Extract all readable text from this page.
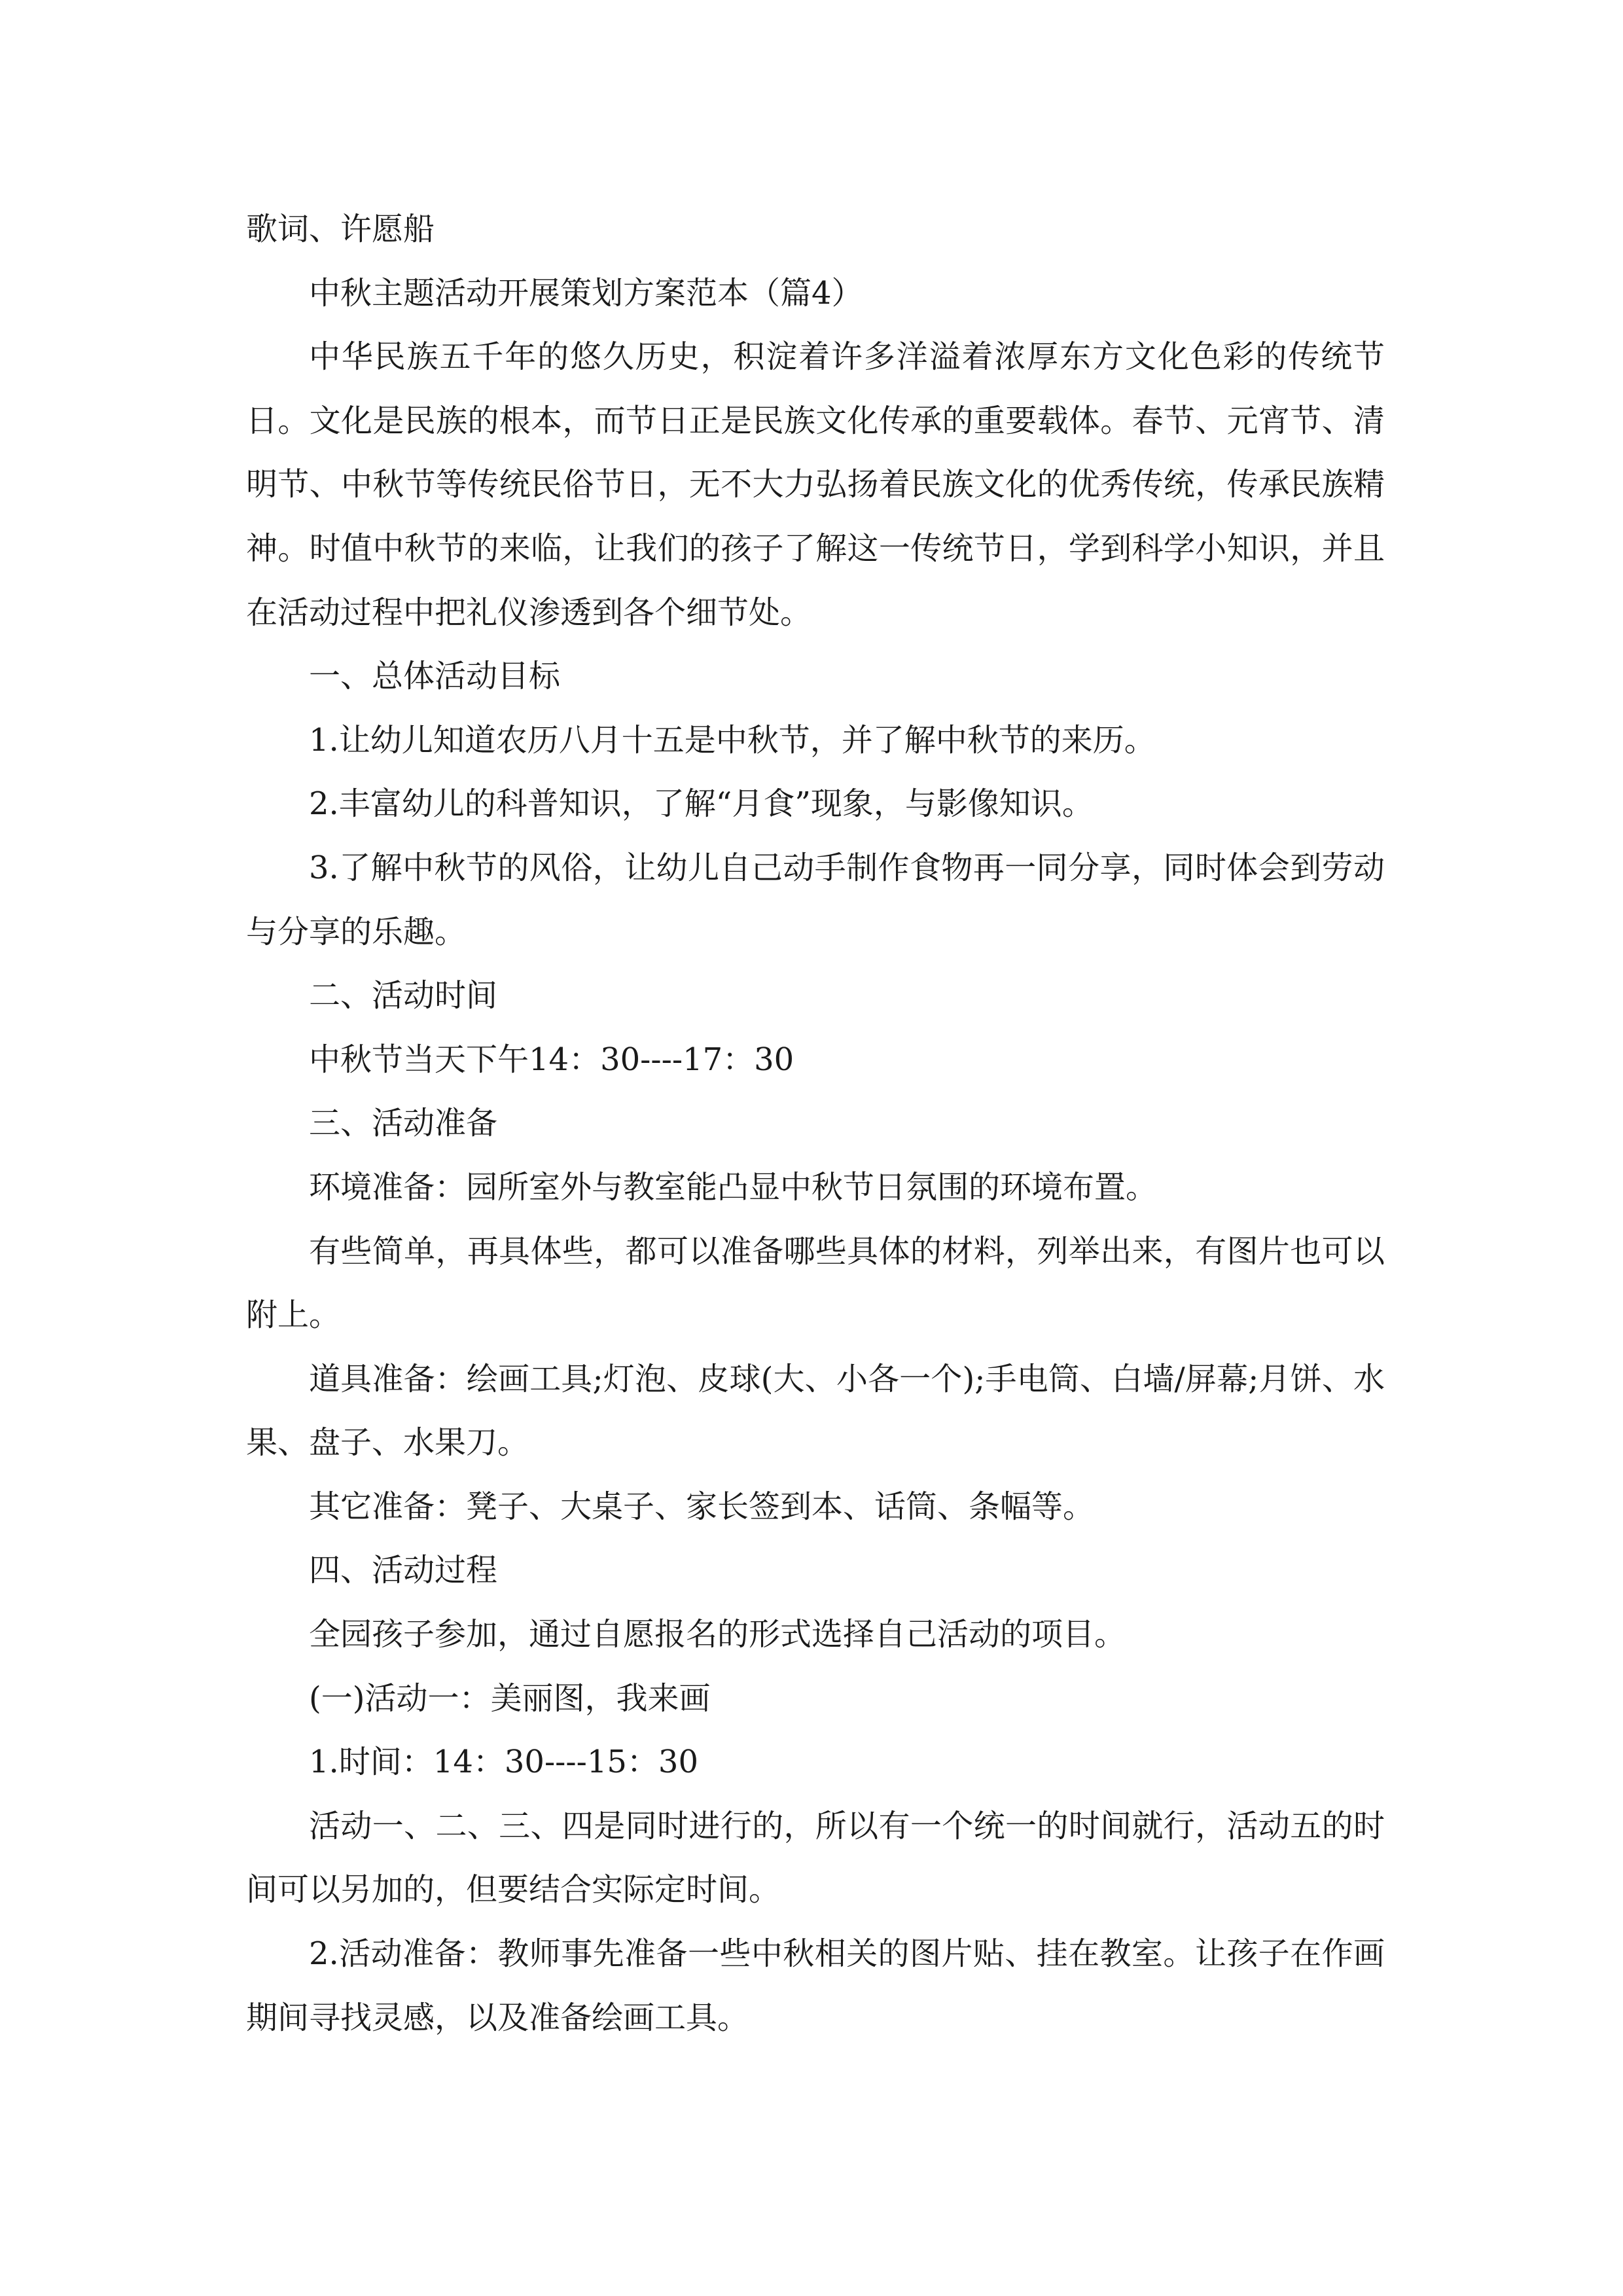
歌词、许愿船

中秋主题活动开展策划方案范本（篇4）

中华民族五千年的悠久历史，积淀着许多洋溢着浓厚东方文化色彩的传统节日。文化是民族的根本，而节日正是民族文化传承的重要载体。春节、元宵节、清明节、中秋节等传统民俗节日，无不大力弘扬着民族文化的优秀传统，传承民族精神。时值中秋节的来临，让我们的孩子了解这一传统节日，学到科学小知识，并且在活动过程中把礼仪渗透到各个细节处。

一、总体活动目标

1.让幼儿知道农历八月十五是中秋节，并了解中秋节的来历。

2.丰富幼儿的科普知识，了解“月食”现象，与影像知识。

3.了解中秋节的风俗，让幼儿自己动手制作食物再一同分享，同时体会到劳动与分享的乐趣。

二、活动时间

中秋节当天下午14：30----17：30

三、活动准备

环境准备：园所室外与教室能凸显中秋节日氛围的环境布置。

有些简单，再具体些，都可以准备哪些具体的材料，列举出来，有图片也可以附上。

道具准备：绘画工具;灯泡、皮球(大、小各一个);手电筒、白墙/屏幕;月饼、水果、盘子、水果刀。

其它准备：凳子、大桌子、家长签到本、话筒、条幅等。

四、活动过程

全园孩子参加，通过自愿报名的形式选择自己活动的项目。

(一)活动一：美丽图，我来画

1.时间：14：30----15：30

活动一、二、三、四是同时进行的，所以有一个统一的时间就行，活动五的时间可以另加的，但要结合实际定时间。

2.活动准备：教师事先准备一些中秋相关的图片贴、挂在教室。让孩子在作画期间寻找灵感，以及准备绘画工具。
